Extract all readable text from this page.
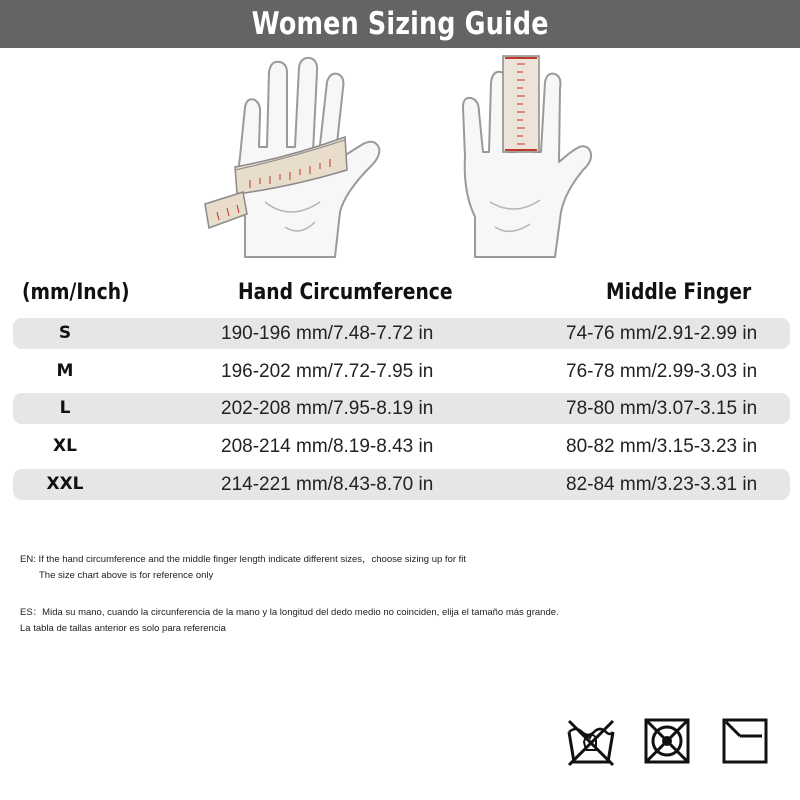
Women Sizing Guide
(mm/Inch)	Hand Circumference	Middle Finger
S	190-196 mm/7.48-7.72 in	74-76 mm/2.91-2.99 in
M	196-202 mm/7.72-7.95 in	76-78 mm/2.99-3.03 in
L	202-208 mm/7.95-8.19 in	78-80 mm/3.07-3.15 in
XL	208-214 mm/8.19-8.43 in	80-82 mm/3.15-3.23 in
XXL	214-221 mm/8.43-8.70 in	82-84 mm/3.23-3.31 in
EN: If the hand circumference and the middle finger length indicate different sizes，choose sizing up for fit
The size chart above is for reference only
ES：Mida su mano, cuando la circunferencia de la mano y la longitud del dedo medio no coinciden, elija el tamaño más grande.
La tabla de tallas anterior es solo para referencia
